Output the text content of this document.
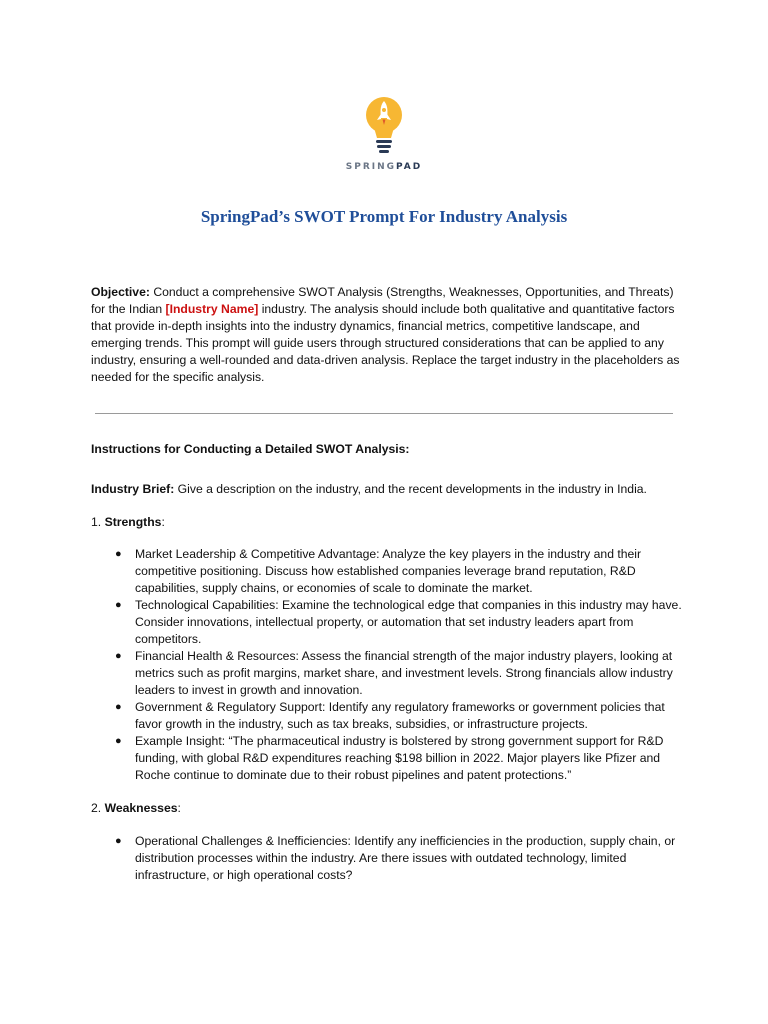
SPRINGPAD
SpringPad’s SWOT Prompt For Industry Analysis

Objective: Conduct a comprehensive SWOT Analysis (Strengths, Weaknesses, Opportunities, and Threats) for the Indian [Industry Name] industry. The analysis should include both qualitative and quantitative factors that provide in-depth insights into the industry dynamics, financial metrics, competitive landscape, and emerging trends. This prompt will guide users through structured considerations that can be applied to any industry, ensuring a well-rounded and data-driven analysis. Replace the target industry in the placeholders as needed for the specific analysis.

Instructions for Conducting a Detailed SWOT Analysis:

Industry Brief: Give a description on the industry, and the recent developments in the industry in India.

1. Strengths:

● Market Leadership & Competitive Advantage: Analyze the key players in the industry and their competitive positioning. Discuss how established companies leverage brand reputation, R&D capabilities, supply chains, or economies of scale to dominate the market.
● Technological Capabilities: Examine the technological edge that companies in this industry may have. Consider innovations, intellectual property, or automation that set industry leaders apart from competitors.
● Financial Health & Resources: Assess the financial strength of the major industry players, looking at metrics such as profit margins, market share, and investment levels. Strong financials allow industry leaders to invest in growth and innovation.
● Government & Regulatory Support: Identify any regulatory frameworks or government policies that favor growth in the industry, such as tax breaks, subsidies, or infrastructure projects.
● Example Insight: “The pharmaceutical industry is bolstered by strong government support for R&D funding, with global R&D expenditures reaching $198 billion in 2022. Major players like Pfizer and Roche continue to dominate due to their robust pipelines and patent protections.”

2. Weaknesses:

● Operational Challenges & Inefficiencies: Identify any inefficiencies in the production, supply chain, or distribution processes within the industry. Are there issues with outdated technology, limited infrastructure, or high operational costs?
